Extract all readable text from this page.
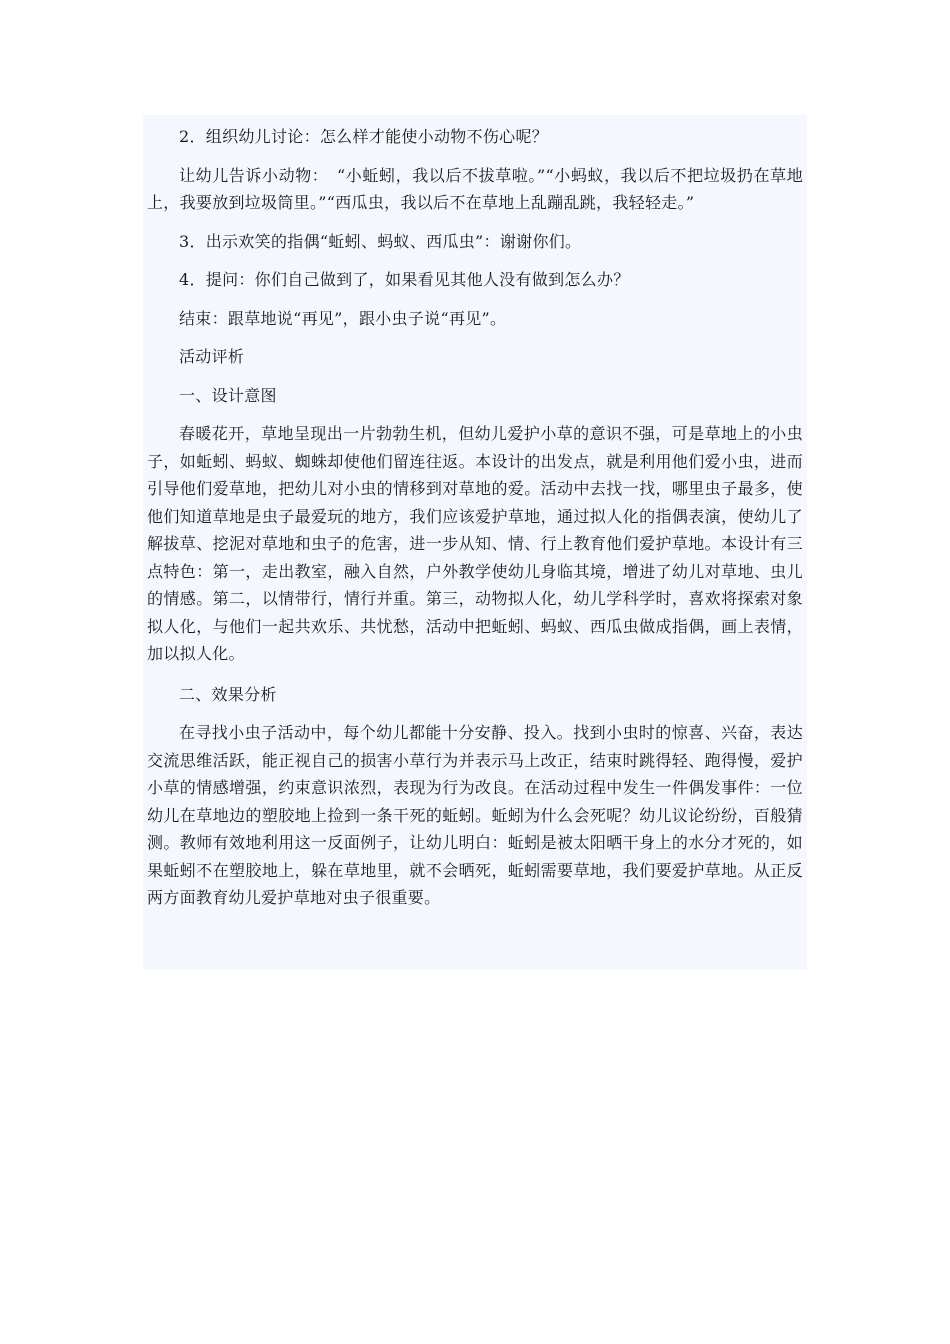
2．组织幼儿讨论：怎么样才能使小动物不伤心呢？

让幼儿告诉小动物：　“小蚯蚓，我以后不拔草啦。”“小蚂蚁，我以后不把垃圾扔在草地上，我要放到垃圾筒里。”“西瓜虫，我以后不在草地上乱蹦乱跳，我轻轻走。”

3．出示欢笑的指偶“蚯蚓、蚂蚁、西瓜虫”：谢谢你们。

4．提问：你们自己做到了，如果看见其他人没有做到怎么办？

结束：跟草地说“再见”，跟小虫子说“再见”。

活动评析

一、设计意图

春暖花开，草地呈现出一片勃勃生机，但幼儿爱护小草的意识不强，可是草地上的小虫子，如蚯蚓、蚂蚁、蜘蛛却使他们留连往返。本设计的出发点，就是利用他们爱小虫，进而引导他们爱草地，把幼儿对小虫的情移到对草地的爱。活动中去找一找，哪里虫子最多，使他们知道草地是虫子最爱玩的地方，我们应该爱护草地，通过拟人化的指偶表演，使幼儿了解拔草、挖泥对草地和虫子的危害，进一步从知、情、行上教育他们爱护草地。本设计有三点特色：第一，走出教室，融入自然，户外教学使幼儿身临其境，增进了幼儿对草地、虫儿的情感。第二，以情带行，情行并重。第三，动物拟人化，幼儿学科学时，喜欢将探索对象拟人化，与他们一起共欢乐、共忧愁，活动中把蚯蚓、蚂蚁、西瓜虫做成指偶，画上表情，加以拟人化。

二、效果分析

在寻找小虫子活动中，每个幼儿都能十分安静、投入。找到小虫时的惊喜、兴奋，表达交流思维活跃，能正视自己的损害小草行为并表示马上改正，结束时跳得轻、跑得慢，爱护小草的情感增强，约束意识浓烈，表现为行为改良。在活动过程中发生一件偶发事件：一位幼儿在草地边的塑胶地上捡到一条干死的蚯蚓。蚯蚓为什么会死呢？幼儿议论纷纷，百般猜测。教师有效地利用这一反面例子，让幼儿明白：蚯蚓是被太阳晒干身上的水分才死的，如果蚯蚓不在塑胶地上，躲在草地里，就不会晒死，蚯蚓需要草地，我们要爱护草地。从正反两方面教育幼儿爱护草地对虫子很重要。
